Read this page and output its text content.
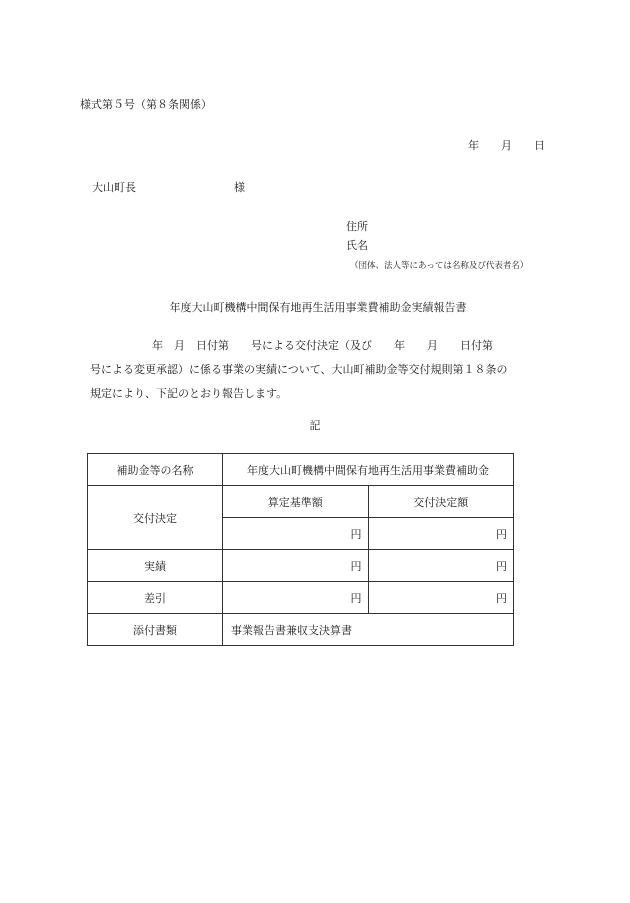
様式第５号（第８条関係）
年 月 日
大山町長	様
住所
氏名
（団体、法人等にあっては名称及び代表者名）
年度大山町機構中間保有地再生活用事業費補助金実績報告書
年　月　日付第　　号による交付決定（及び　　年　　月　　日付第
号による変更承認）に係る事業の実績について、大山町補助金等交付規則第１８条の
規定により、下記のとおり報告します。
記
補助金等の名称	年度大山町機構中間保有地再生活用事業費補助金	
交付決定	算定基準額	交付決定額
	円	円
実績	円	円
差引	円	円
添付書類	事業報告書兼収支決算書	
